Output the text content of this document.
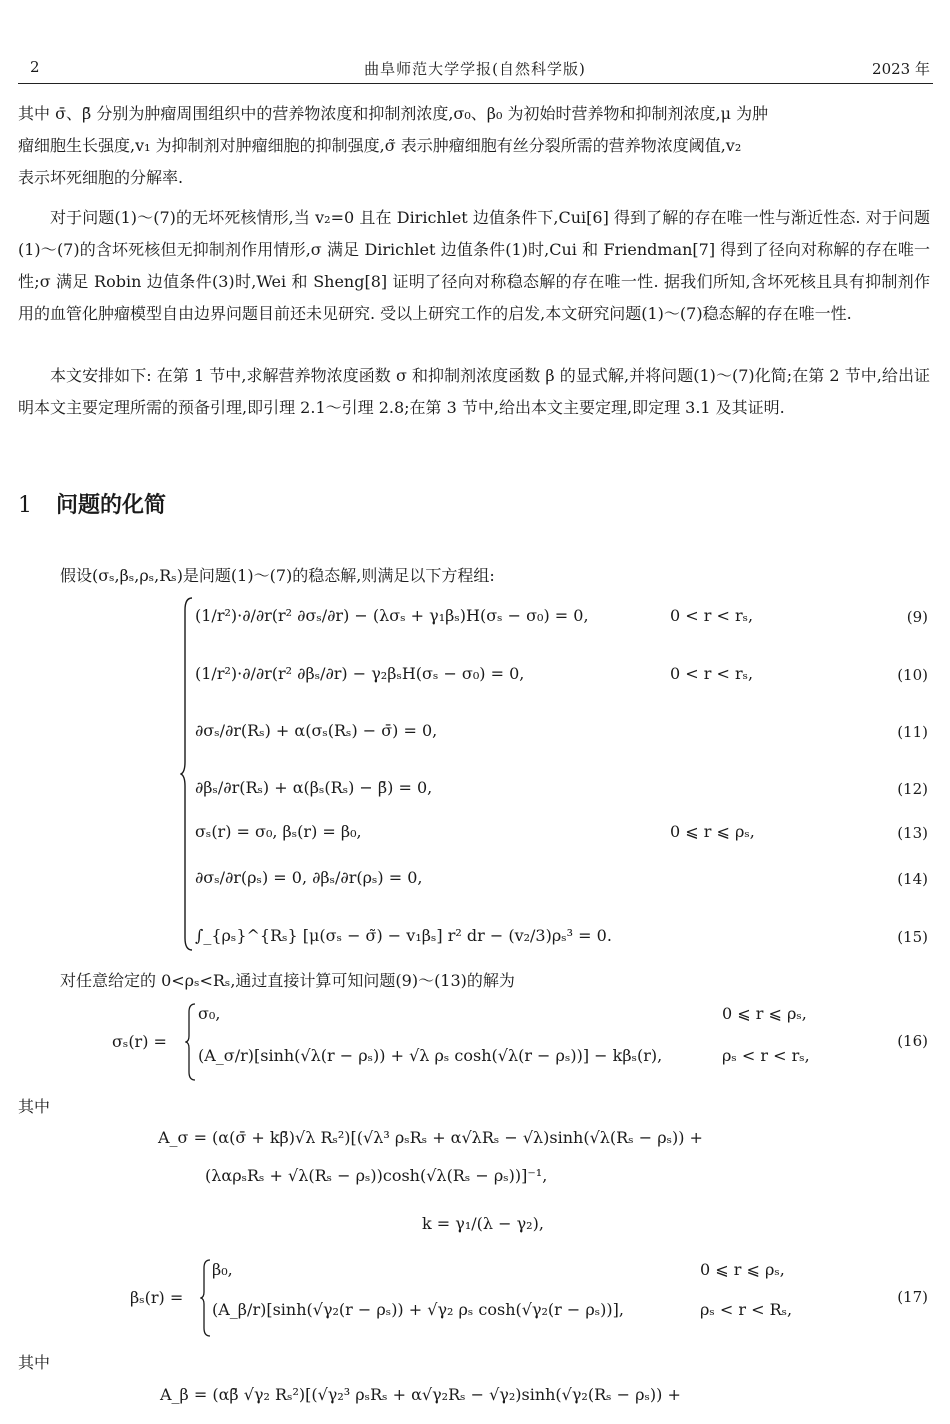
2	曲阜师范大学学报(自然科学版)	2023 年
其中 σ̄、β̄ 分别为肿瘤周围组织中的营养物浓度和抑制剂浓度,σ₀、β₀ 为初始时营养物和抑制剂浓度,μ 为肿
瘤细胞生长强度,v₁ 为抑制剂对肿瘤细胞的抑制强度,σ̃ 表示肿瘤细胞有丝分裂所需的营养物浓度阈值,v₂
表示坏死细胞的分解率.
对于问题(1)～(7)的无坏死核情形,当 v₂=0 且在 Dirichlet 边值条件下,Cui[6] 得到了解的存在唯一性与渐近性态. 对于问题(1)～(7)的含坏死核但无抑制剂作用情形,σ 满足 Dirichlet 边值条件(1)时,Cui 和 Friendman[7] 得到了径向对称解的存在唯一性;σ 满足 Robin 边值条件(3)时,Wei 和 Sheng[8] 证明了径向对称稳态解的存在唯一性. 据我们所知,含坏死核且具有抑制剂作用的血管化肿瘤模型自由边界问题目前还未见研究. 受以上研究工作的启发,本文研究问题(1)～(7)稳态解的存在唯一性.
本文安排如下: 在第 1 节中,求解营养物浓度函数 σ 和抑制剂浓度函数 β 的显式解,并将问题(1)～(7)化简;在第 2 节中,给出证明本文主要定理所需的预备引理,即引理 2.1～引理 2.8;在第 3 节中,给出本文主要定理,即定理 3.1 及其证明.
1 问题的化简
假设(σₛ,βₛ,ρₛ,Rₛ)是问题(1)～(7)的稳态解,则满足以下方程组:
(1/r²)·∂/∂r(r² ∂σₛ/∂r) − (λσₛ + γ₁βₛ)H(σₛ − σ₀) = 0,	0 < r < rₛ,	(9)
(1/r²)·∂/∂r(r² ∂βₛ/∂r) − γ₂βₛH(σₛ − σ₀) = 0,	0 < r < rₛ,	(10)
∂σₛ/∂r(Rₛ) + α(σₛ(Rₛ) − σ̄) = 0,	(11)
∂βₛ/∂r(Rₛ) + α(βₛ(Rₛ) − β̄) = 0,	(12)
σₛ(r) = σ₀, βₛ(r) = β₀,	0 ⩽ r ⩽ ρₛ,	(13)
∂σₛ/∂r(ρₛ) = 0, ∂βₛ/∂r(ρₛ) = 0,	(14)
∫_{ρₛ}^{Rₛ} [μ(σₛ − σ̃) − v₁βₛ] r² dr − (v₂/3)ρₛ³ = 0.	(15)
对任意给定的 0<ρₛ<Rₛ,通过直接计算可知问题(9)～(13)的解为
σₛ(r) =
σ₀,	0 ⩽ r ⩽ ρₛ,
(A_σ/r)[sinh(√λ(r − ρₛ)) + √λ ρₛ cosh(√λ(r − ρₛ))] − kβₛ(r),	ρₛ < r < rₛ,
(16)
其中
A_σ = (α(σ̄ + kβ̄)√λ Rₛ²)[(√λ³ ρₛRₛ + α√λRₛ − √λ)sinh(√λ(Rₛ − ρₛ)) +
(λαρₛRₛ + √λ(Rₛ − ρₛ))cosh(√λ(Rₛ − ρₛ))]⁻¹,
k = γ₁/(λ − γ₂),
βₛ(r) =
β₀,	0 ⩽ r ⩽ ρₛ,
(A_β/r)[sinh(√γ₂(r − ρₛ)) + √γ₂ ρₛ cosh(√γ₂(r − ρₛ))],	ρₛ < r < Rₛ,
(17)
其中
A_β = (αβ̄ √γ₂ Rₛ²)[(√γ₂³ ρₛRₛ + α√γ₂Rₛ − √γ₂)sinh(√γ₂(Rₛ − ρₛ)) +
